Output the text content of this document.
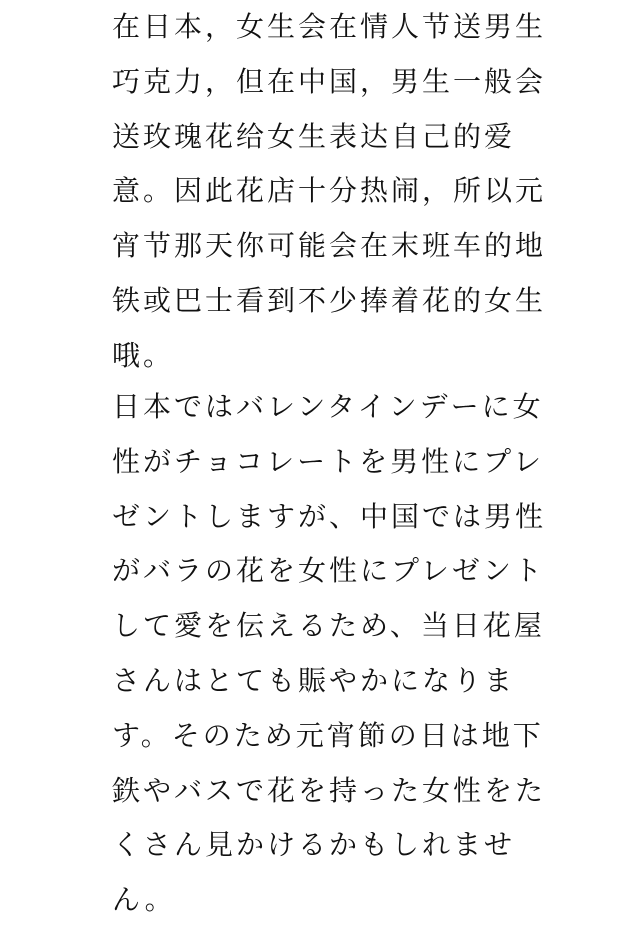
在日本，女生会在情人节送男生
巧克力，但在中国，男生一般会
送玫瑰花给女生表达自己的爱
意。因此花店十分热闹，所以元
宵节那天你可能会在末班车的地
铁或巴士看到不少捧着花的女生
哦。

日本ではバレンタインデーに女
性がチョコレートを男性にプレ
ゼントしますが、中国では男性
がバラの花を女性にプレゼント
して愛を伝えるため、当日花屋
さんはとても賑やかになりま
す。そのため元宵節の日は地下
鉄やバスで花を持った女性をた
くさん見かけるかもしれませ
ん。
